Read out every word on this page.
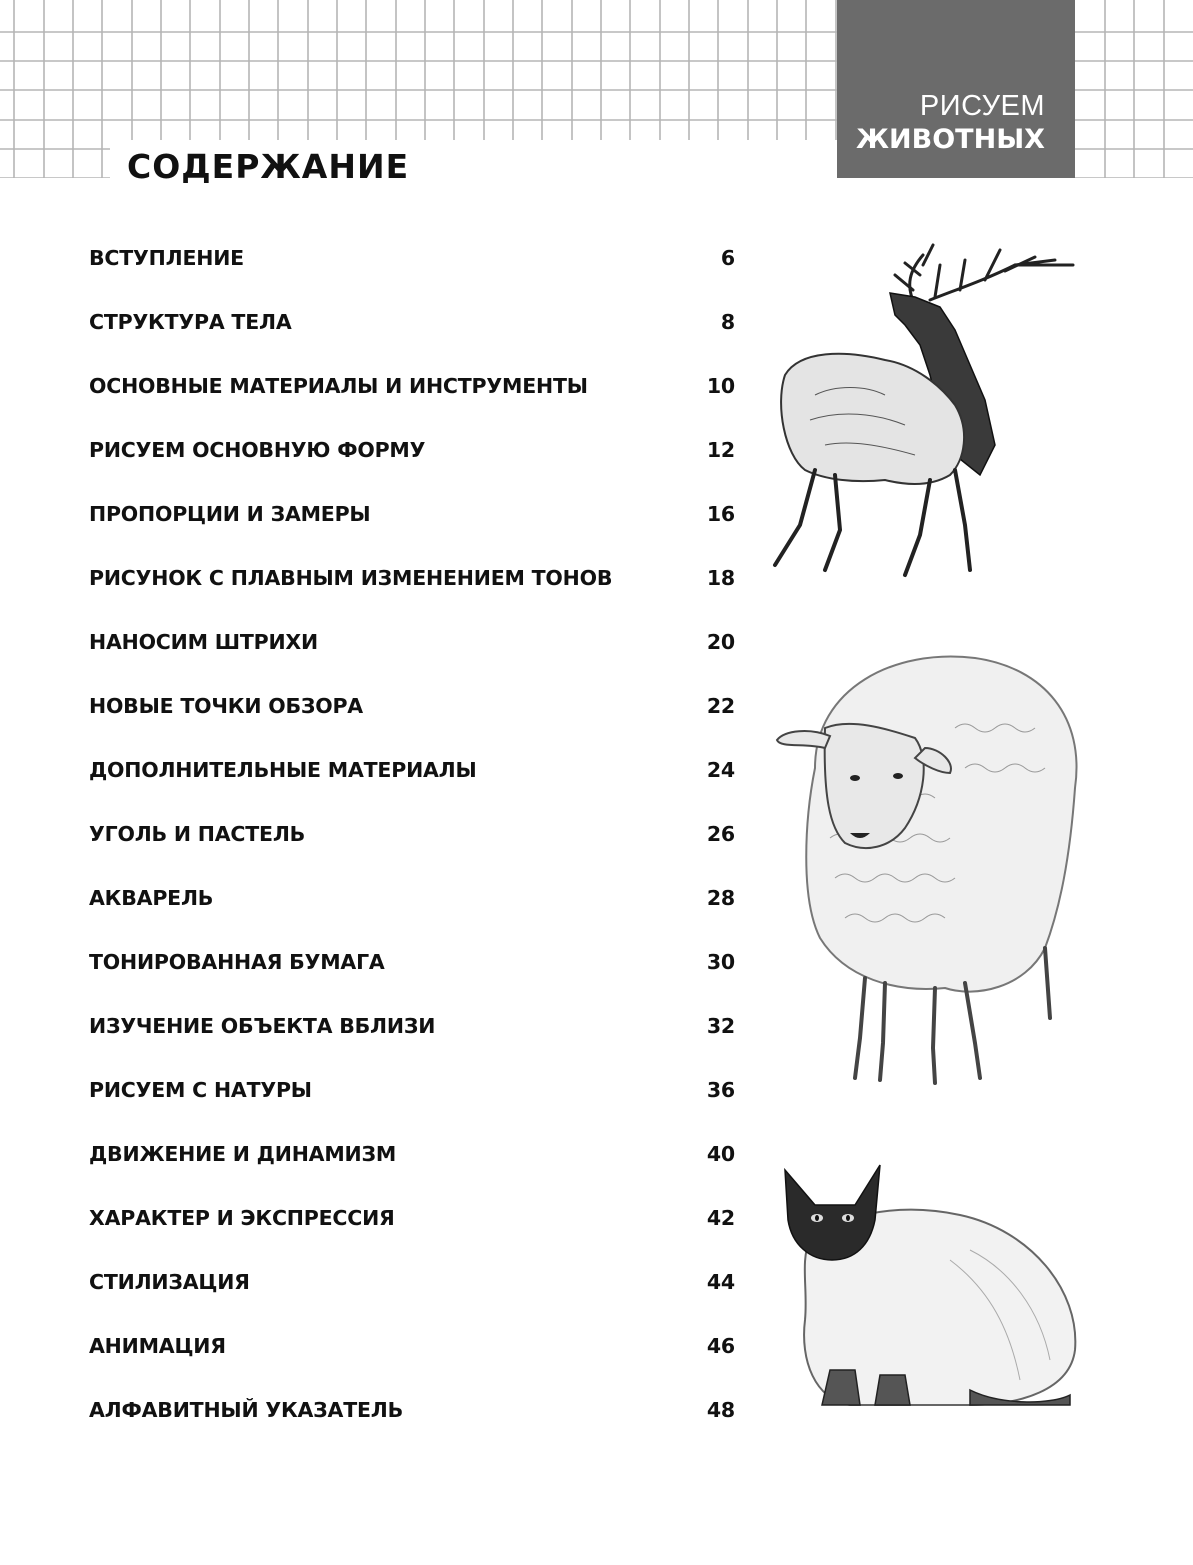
РИСУЕМ
ЖИВОТНЫХ
СОДЕРЖАНИЕ
ВСТУПЛЕНИЕ	6
СТРУКТУРА ТЕЛА	8
ОСНОВНЫЕ МАТЕРИАЛЫ И ИНСТРУМЕНТЫ	10
РИСУЕМ ОСНОВНУЮ ФОРМУ	12
ПРОПОРЦИИ И ЗАМЕРЫ	16
РИСУНОК С ПЛАВНЫМ ИЗМЕНЕНИЕМ ТОНОВ	18
НАНОСИМ ШТРИХИ	20
НОВЫЕ ТОЧКИ ОБЗОРА	22
ДОПОЛНИТЕЛЬНЫЕ МАТЕРИАЛЫ	24
УГОЛЬ И ПАСТЕЛЬ	26
АКВАРЕЛЬ	28
ТОНИРОВАННАЯ БУМАГА	30
ИЗУЧЕНИЕ ОБЪЕКТА ВБЛИЗИ	32
РИСУЕМ С НАТУРЫ	36
ДВИЖЕНИЕ И ДИНАМИЗМ	40
ХАРАКТЕР И ЭКСПРЕССИЯ	42
СТИЛИЗАЦИЯ	44
АНИМАЦИЯ	46
АЛФАВИТНЫЙ УКАЗАТЕЛЬ	48
